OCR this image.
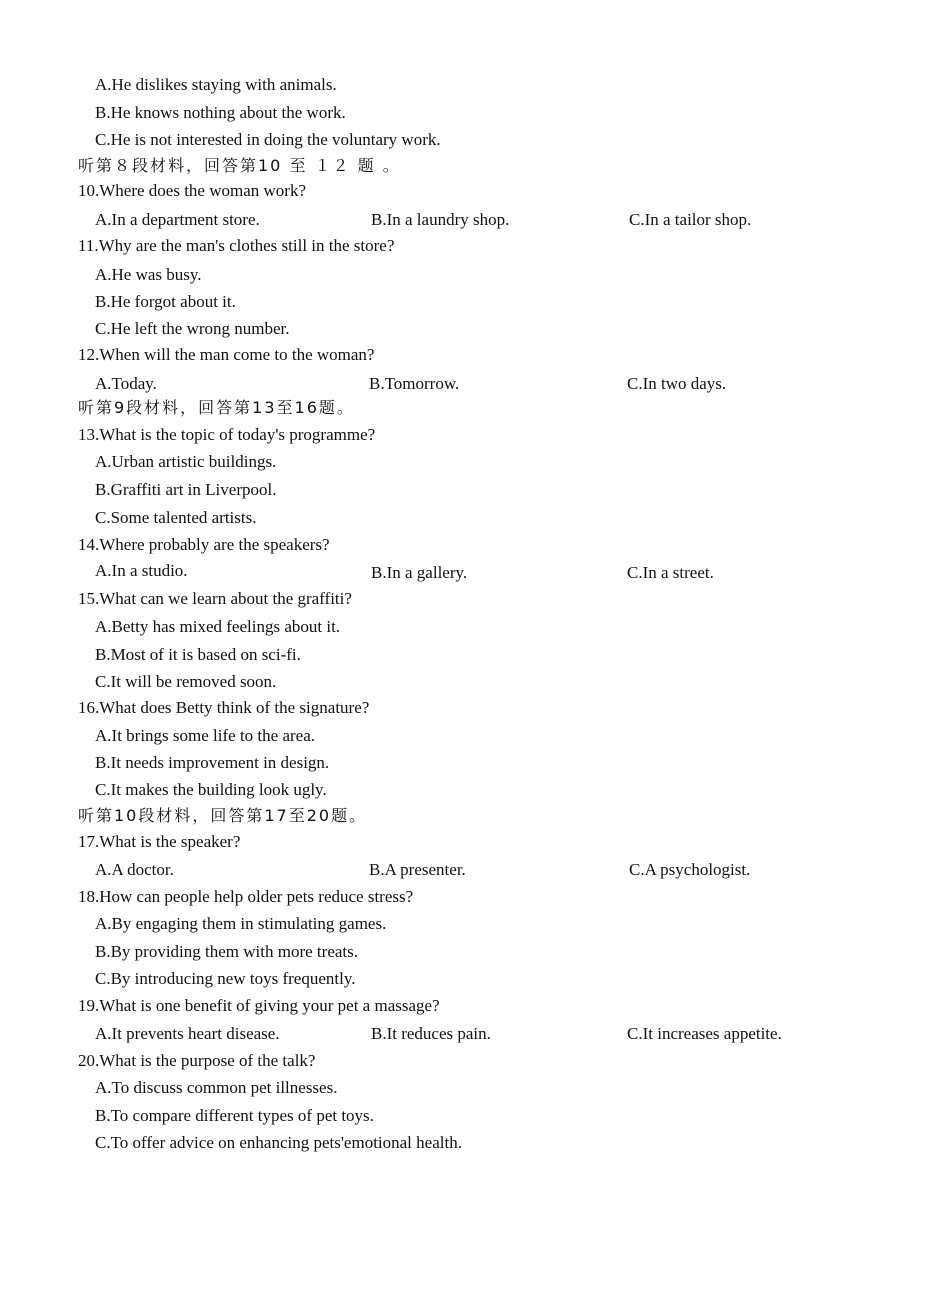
A.He dislikes staying with animals.
B.He knows nothing about the work.
C.He is not interested in doing the voluntary work.
听第８段材料，回答第10 至 １２ 题 。
10.Where does the woman work?
A.In a department store.	B.In a laundry shop.	C.In a tailor shop.
11.Why are the man's clothes still in the store?
A.He was busy.
B.He forgot about it.
C.He left the wrong number.
12.When will the man come to the woman?
A.Today.	B.Tomorrow.	C.In two days.
听第9段材料，回答第13至16题。
13.What is the topic of today's programme?
A.Urban artistic buildings.
B.Graffiti art in Liverpool.
C.Some talented artists.
14.Where probably are the speakers?
A.In a studio.	B.In a gallery.	C.In a street.
15.What can we learn about the graffiti?
A.Betty has mixed feelings about it.
B.Most of it is based on sci-fi.
C.It will be removed soon.
16.What does Betty think of the signature?
A.It brings some life to the area.
B.It needs improvement in design.
C.It makes the building look ugly.
听第10段材料，回答第17至20题。
17.What is the speaker?
A.A doctor.	B.A presenter.	C.A psychologist.
18.How can people help older pets reduce stress?
A.By engaging them in stimulating games.
B.By providing them with more treats.
C.By introducing new toys frequently.
19.What is one benefit of giving your pet a massage?
A.It prevents heart disease.	B.It reduces pain.	C.It increases appetite.
20.What is the purpose of the talk?
A.To discuss common pet illnesses.
B.To compare different types of pet toys.
C.To offer advice on enhancing pets'emotional health.
